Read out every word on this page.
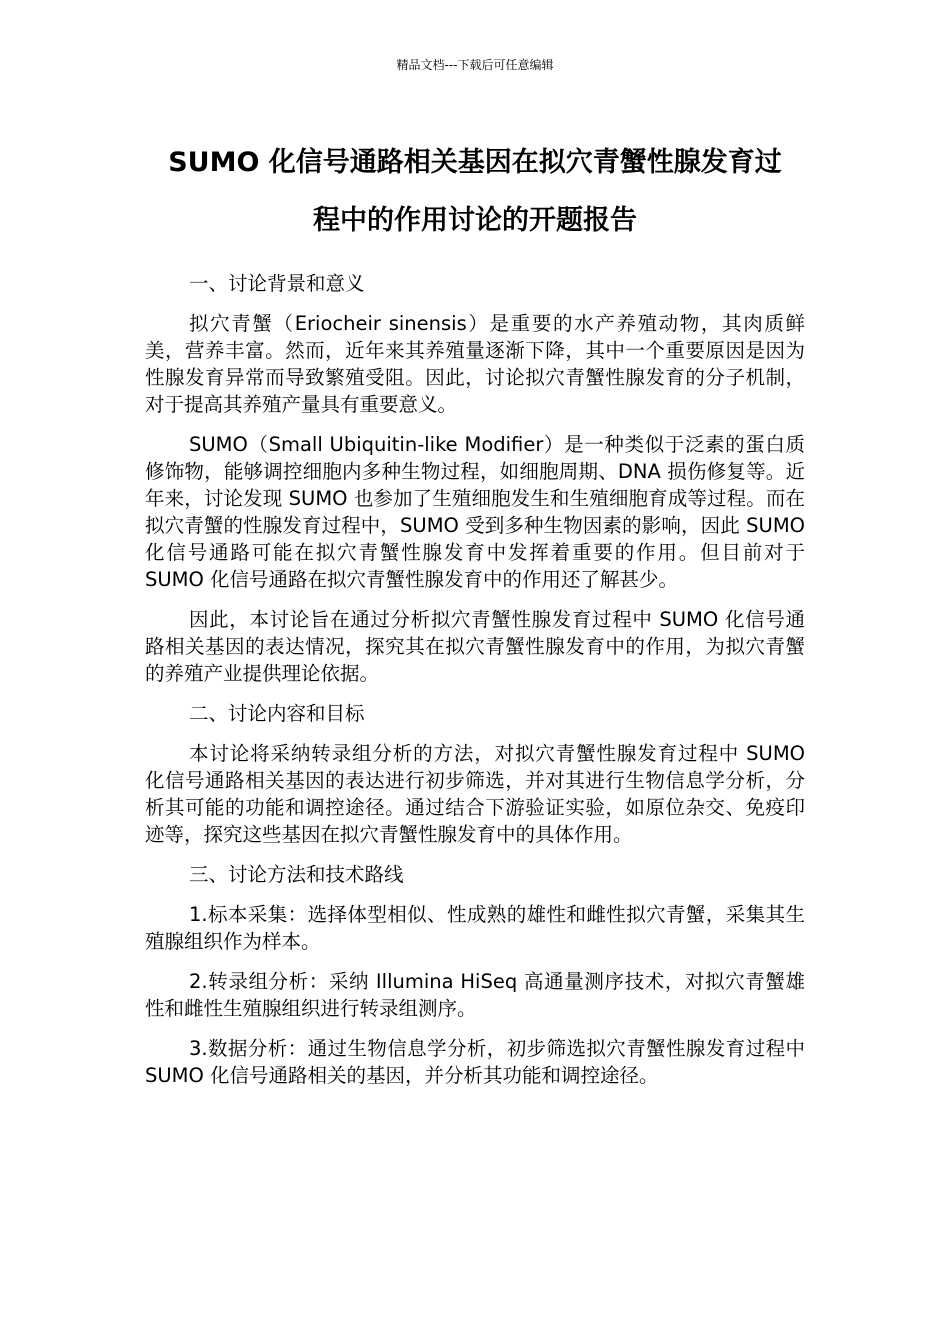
精品文档---下载后可任意编辑
SUMO 化信号通路相关基因在拟穴青蟹性腺发育过
程中的作用讨论的开题报告

一、讨论背景和意义

拟穴青蟹（Eriocheir sinensis）是重要的水产养殖动物，其肉质鲜美，营养丰富。然而，近年来其养殖量逐渐下降，其中一个重要原因是因为性腺发育异常而导致繁殖受阻。因此，讨论拟穴青蟹性腺发育的分子机制，对于提高其养殖产量具有重要意义。

SUMO（Small Ubiquitin-like Modifier）是一种类似于泛素的蛋白质修饰物，能够调控细胞内多种生物过程，如细胞周期、DNA 损伤修复等。近年来，讨论发现 SUMO 也参加了生殖细胞发生和生殖细胞育成等过程。而在拟穴青蟹的性腺发育过程中，SUMO 受到多种生物因素的影响，因此 SUMO 化信号通路可能在拟穴青蟹性腺发育中发挥着重要的作用。但目前对于 SUMO 化信号通路在拟穴青蟹性腺发育中的作用还了解甚少。

因此，本讨论旨在通过分析拟穴青蟹性腺发育过程中 SUMO 化信号通路相关基因的表达情况，探究其在拟穴青蟹性腺发育中的作用，为拟穴青蟹的养殖产业提供理论依据。

二、讨论内容和目标

本讨论将采纳转录组分析的方法，对拟穴青蟹性腺发育过程中 SUMO 化信号通路相关基因的表达进行初步筛选，并对其进行生物信息学分析，分析其可能的功能和调控途径。通过结合下游验证实验，如原位杂交、免疫印迹等，探究这些基因在拟穴青蟹性腺发育中的具体作用。

三、讨论方法和技术路线

1.标本采集：选择体型相似、性成熟的雄性和雌性拟穴青蟹，采集其生殖腺组织作为样本。

2.转录组分析：采纳 Illumina HiSeq 高通量测序技术，对拟穴青蟹雄性和雌性生殖腺组织进行转录组测序。

3.数据分析：通过生物信息学分析，初步筛选拟穴青蟹性腺发育过程中 SUMO 化信号通路相关的基因，并分析其功能和调控途径。
